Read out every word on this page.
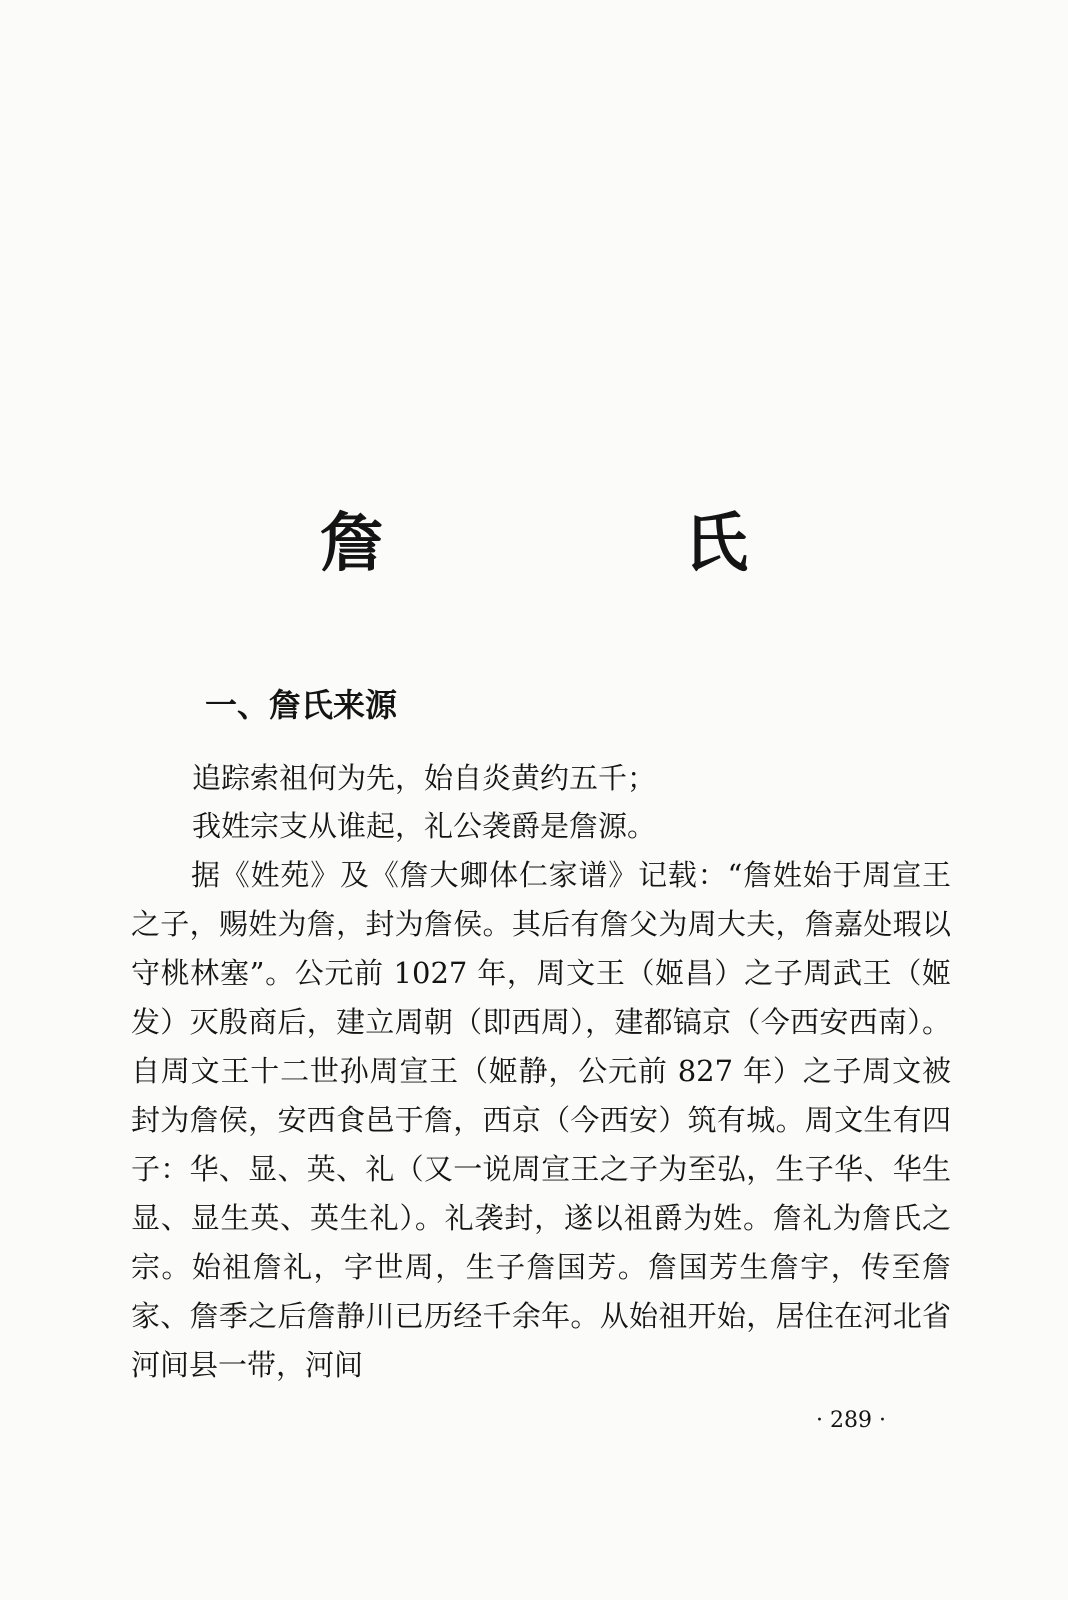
詹　氏
一、詹氏来源
追踪索祖何为先，始自炎黄约五千；
我姓宗支从谁起，礼公袭爵是詹源。

据《姓苑》及《詹大卿体仁家谱》记载：“詹姓始于周宣王之子，赐姓为詹，封为詹侯。其后有詹父为周大夫，詹嘉处瑕以守桃林塞”。公元前 1027 年，周文王（姬昌）之子周武王（姬发）灭殷商后，建立周朝（即西周），建都镐京（今西安西南）。自周文王十二世孙周宣王（姬静，公元前 827 年）之子周文被封为詹侯，安西食邑于詹，西京（今西安）筑有城。周文生有四子：华、显、英、礼（又一说周宣王之子为至弘，生子华、华生显、显生英、英生礼）。礼袭封，遂以祖爵为姓。詹礼为詹氏之宗。始祖詹礼，字世周，生子詹国芳。詹国芳生詹宇，传至詹家、詹季之后詹静川已历经千余年。从始祖开始，居住在河北省河间县一带，河间

· 289 ·
